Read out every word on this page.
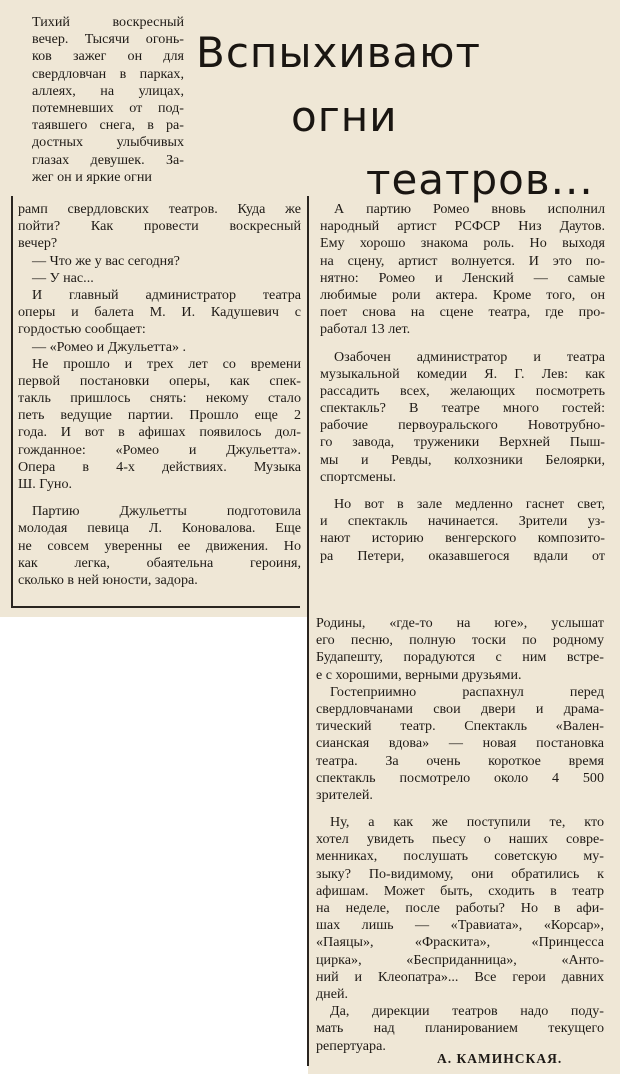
Вспыхивают
огни
театров...

Тихий воскресный

вечер. Тысячи огонь-

ков зажег он для

свердловчан в парках,

аллеях, на улицах,

потемневших от под-

таявшего снега, в ра-

достных улыбчивых

глазах девушек. За-

жег он и яркие огни

рамп свердловских театров. Куда же

пойти? Как провести воскресный

вечер?

— Что же у вас сегодня?

— У нас...

И главный администратор театра

оперы и балета М. И. Кадушевич с

гордостью сообщает:

— «Ромео и Джульетта» .

Не прошло и трех лет со времени

первой постановки оперы, как спек-

такль пришлось снять: некому стало

петь ведущие партии. Прошло еще 2

года. И вот в афишах появилось дол-

гожданное: «Ромео и Джульетта».

Опера в 4-х действиях. Музыка

Ш. Гуно.

Партию Джульетты подготовила

молодая певица Л. Коновалова. Еще

не совсем уверенны ее движения. Но

как легка, обаятельна героиня,

сколько в ней юности, задора.

А партию Ромео вновь исполнил

народный артист РСФСР Низ Даутов.

Ему хорошо знакома роль. Но выходя

на сцену, артист волнуется. И это по-

нятно: Ромео и Ленский — самые

любимые роли актера. Кроме того, он

поет снова на сцене театра, где про-

работал 13 лет.

Озабочен администратор и театра

музыкальной комедии Я. Г. Лев: как

рассадить всех, желающих посмотреть

спектакль? В театре много гостей:

рабочие первоуральского Новотрубно-

го завода, труженики Верхней Пыш-

мы и Ревды, колхозники Белоярки,

спортсмены.

Но вот в зале медленно гаснет свет,

и спектакль начинается. Зрители уз-

нают историю венгерского композито-

ра Петери, оказавшегося вдали от

Родины, «где-то на юге», услышат

его песню, полную тоски по родному

Будапешту, порадуются с ним встре-

е с хорошими, верными друзьями.

Гостеприимно распахнул перед

свердловчанами свои двери и драма-

тический театр. Спектакль «Вален-

сианская вдова» — новая постановка

театра. За очень короткое время

спектакль посмотрело около 4 500

зрителей.

Ну, а как же поступили те, кто

хотел увидеть пьесу о наших совре-

менниках, послушать советскую му-

зыку? По-видимому, они обратились к

афишам. Может быть, сходить в театр

на неделе, после работы? Но в афи-

шах лишь — «Травиата», «Корсар»,

«Паяцы», «Фраскита», «Принцесса

цирка», «Бесприданница», «Анто-

ний и Клеопатра»... Все герои давних

дней.

Да, дирекции театров надо поду-

мать над планированием текущего

репертуара.

А. КАМИНСКАЯ.
